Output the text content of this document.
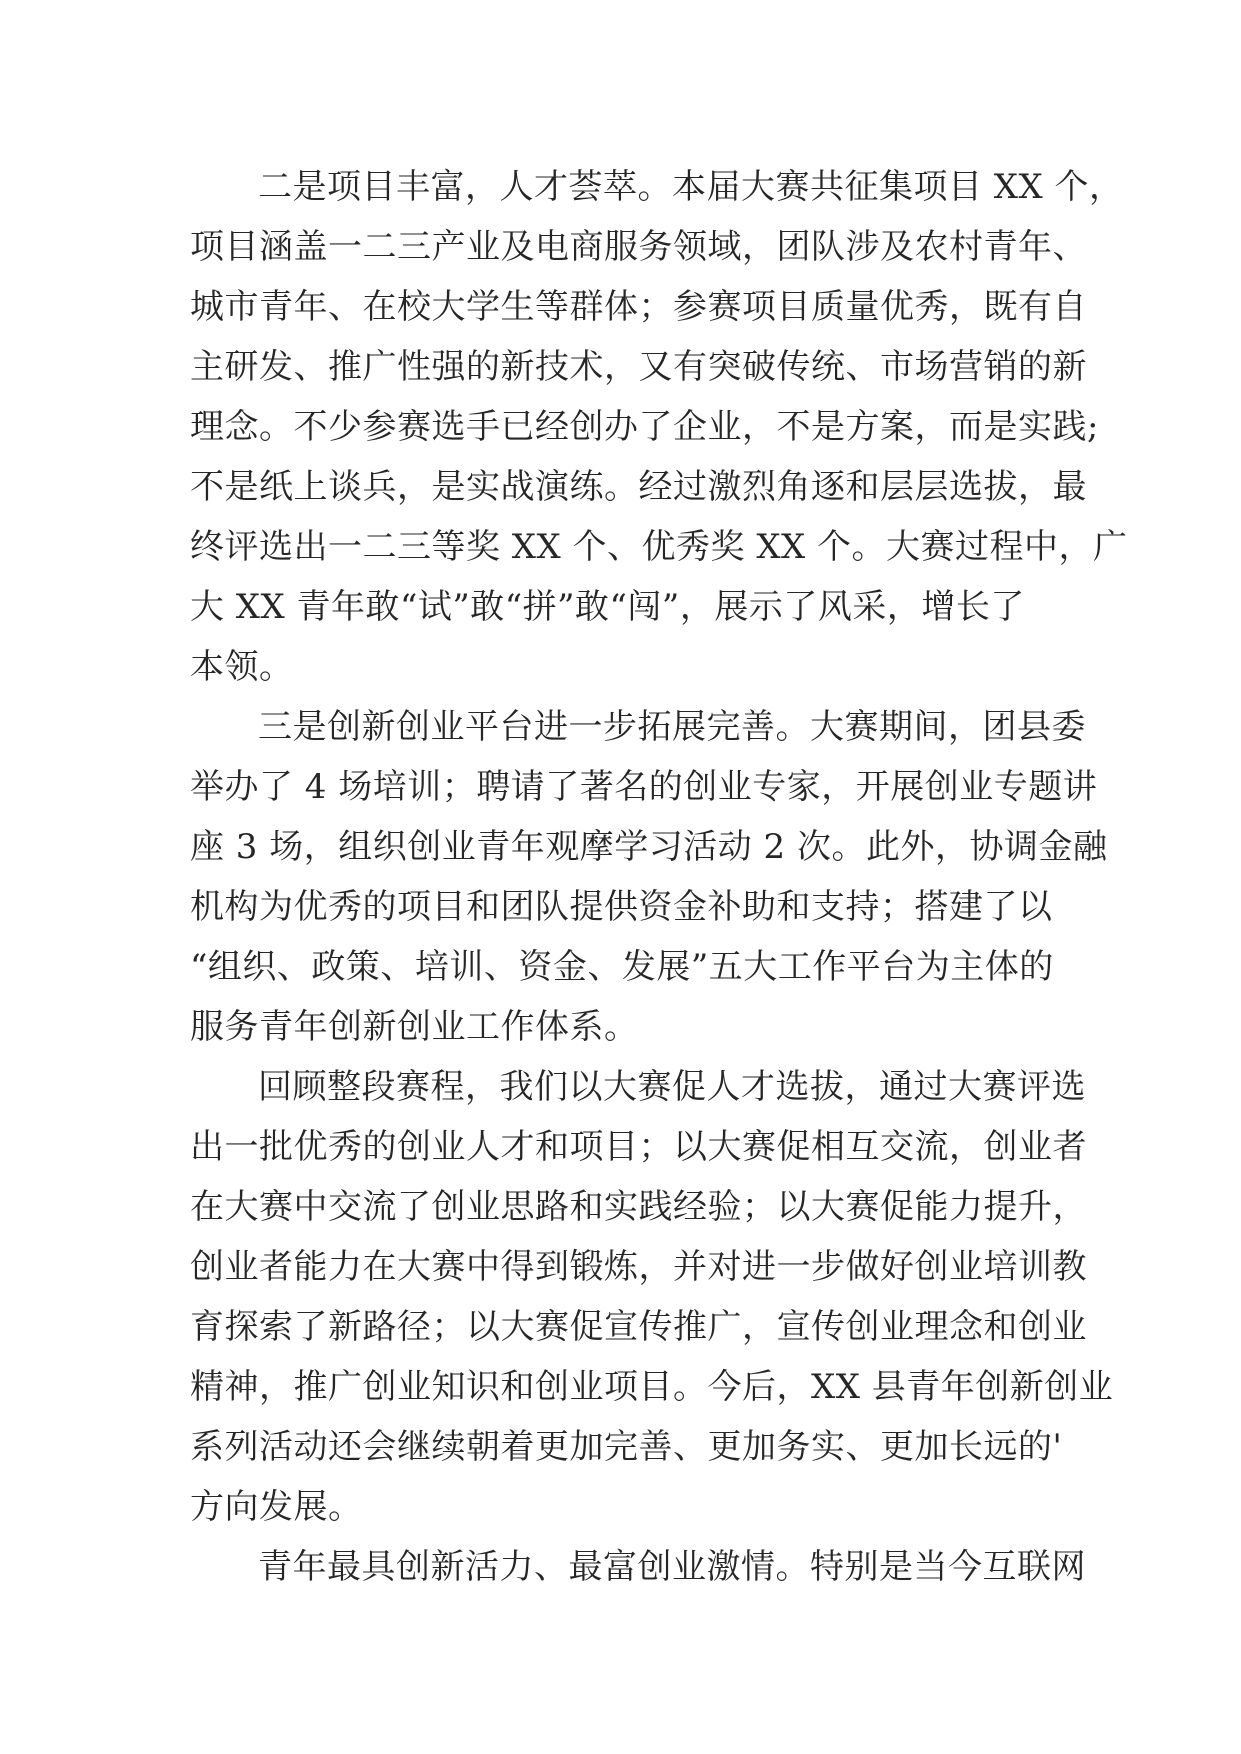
二是项目丰富，人才荟萃。本届大赛共征集项目 XX 个，
项目涵盖一二三产业及电商服务领域，团队涉及农村青年、
城市青年、在校大学生等群体；参赛项目质量优秀，既有自
主研发、推广性强的新技术，又有突破传统、市场营销的新
理念。不少参赛选手已经创办了企业，不是方案，而是实践;
不是纸上谈兵，是实战演练。经过激烈角逐和层层选拔，最
终评选出一二三等奖 XX 个、优秀奖 XX 个。大赛过程中，广
大 XX 青年敢“试”敢“拼”敢“闯”，展示了风采，增长了
本领。
三是创新创业平台进一步拓展完善。大赛期间，团县委
举办了 4 场培训；聘请了著名的创业专家，开展创业专题讲
座 3 场，组织创业青年观摩学习活动 2 次。此外，协调金融
机构为优秀的项目和团队提供资金补助和支持；搭建了以
“组织、政策、培训、资金、发展”五大工作平台为主体的
服务青年创新创业工作体系。
回顾整段赛程，我们以大赛促人才选拔，通过大赛评选
出一批优秀的创业人才和项目；以大赛促相互交流，创业者
在大赛中交流了创业思路和实践经验；以大赛促能力提升，
创业者能力在大赛中得到锻炼，并对进一步做好创业培训教
育探索了新路径；以大赛促宣传推广，宣传创业理念和创业
精神，推广创业知识和创业项目。今后，XX 县青年创新创业
系列活动还会继续朝着更加完善、更加务实、更加长远的'
方向发展。
青年最具创新活力、最富创业激情。特别是当今互联网
